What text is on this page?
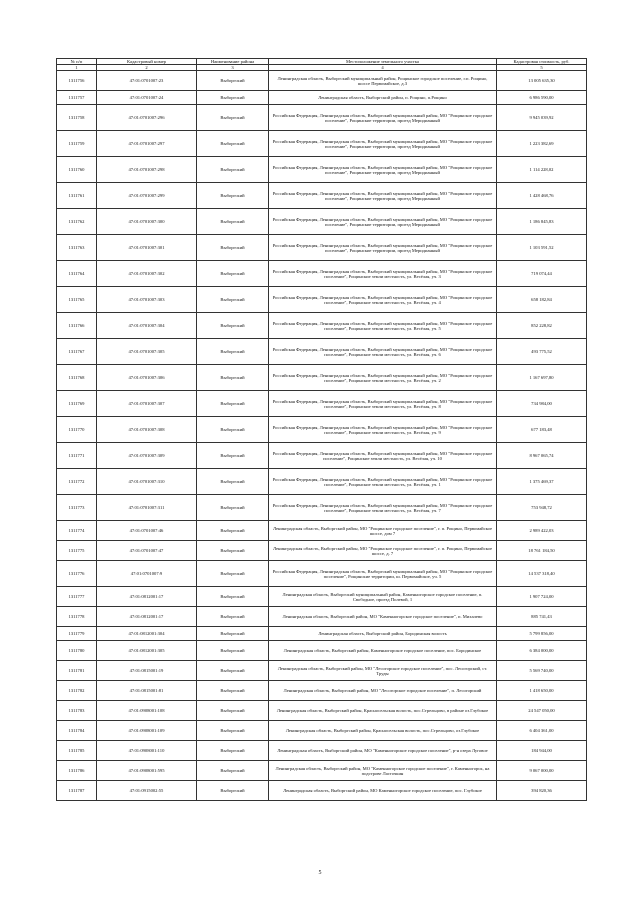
№ п/п	Кадастровый номер	Наименование района	Местоположение земельного участка	Кадастровая стоимость, руб.
1	2	3	4	5
1311756	47:01:0701007:23	Выборгский	Ленинградская область, Выборгский муниципальный район, Рощинское городское поселение, г.п. Рощино, шоссе Первомайское, д.3	13 005 635,30
1311757	47:01:0701007:24	Выборгский	Ленинградская область, Выборгский район, п. Рощино, п.Рощино	6 986 590,00
1311758	47:01:0701007:296	Выборгский	Российская Федерация, Ленинградская область, Выборгский муниципальный район, МО "Рощинское городское поселение", Рощинские территории, проезд Меридианный	9 945 039,92
1311759	47:01:0701007:297	Выборгский	Российская Федерация, Ленинградская область, Выборгский муниципальный район, МО "Рощинское городское поселение", Рощинские территории, проезд Меридианный	1 223 382,69
1311760	47:01:0701007:298	Выборгский	Российская Федерация, Ленинградская область, Выборгский муниципальный район, МО "Рощинское городское поселение", Рощинские территории, проезд Меридианный	1 114 228,02
1311761	47:01:0701007:299	Выборгский	Российская Федерация, Ленинградская область, Выборгский муниципальный район, МО "Рощинское городское поселение", Рощинские территории, проезд Меридианный	1 428 468,76
1311762	47:01:0701007:300	Выборгский	Российская Федерация, Ленинградская область, Выборгский муниципальный район, МО "Рощинское городское поселение", Рощинские территории, проезд Меридианный	1 186 845,83
1311763	47:01:0701007:301	Выборгский	Российская Федерация, Ленинградская область, Выборгский муниципальный район, МО "Рощинское городское поселение", Рощинские территории, проезд Меридианный	1 103 591,52
1311764	47:01:0701007:302	Выборгский	Российская Федерация, Ленинградская область, Выборгский муниципальный район, МО "Рощинское городское поселение", Рощинские земли местность, ул. Весёлая, уч. 3	719 074,44
1311765	47:01:0701007:303	Выборгский	Российская Федерация, Ленинградская область, Выборгский муниципальный район, МО "Рощинское городское поселение", Рощинские земли местность, ул. Весёлая, уч. 4	658 182,84
1311766	47:01:0701007:304	Выборгский	Российская Федерация, Ленинградская область, Выборгский муниципальный район, МО "Рощинское городское поселение", Рощинские земли местность, ул. Весёлая, уч. 5	852 228,82
1311767	47:01:0701007:305	Выборгский	Российская Федерация, Ленинградская область, Выборгский муниципальный район, МО "Рощинское городское поселение", Рощинские земли местность, ул. Весёлая, уч. 6	493 775,52
1311768	47:01:0701007:306	Выборгский	Российская Федерация, Ленинградская область, Выборгский муниципальный район, МО "Рощинское городское поселение", Рощинские земли местность, ул. Весёлая, уч. 2	1 167 697,80
1311769	47:01:0701007:307	Выборгский	Российская Федерация, Ленинградская область, Выборгский муниципальный район, МО "Рощинское городское поселение", Рощинские земли местность, ул. Весёлая, уч. 8	734 984,00
1311770	47:01:0701007:308	Выборгский	Российская Федерация, Ленинградская область, Выборгский муниципальный район, МО "Рощинское городское поселение", Рощинские земли местность, ул. Весёлая, уч. 9	677 183,48
1311771	47:01:0701007:309	Выборгский	Российская Федерация, Ленинградская область, Выборгский муниципальный район, МО "Рощинское городское поселение", Рощинские земли местность, ул. Весёлая, уч. 10	8 967 065,74
1311772	47:01:0701007:310	Выборгский	Российская Федерация, Ленинградская область, Выборгский муниципальный район, МО "Рощинское городское поселение", Рощинские земли местность, ул. Весёлая, уч. 1	1 375 469,37
1311773	47:01:0701007:311	Выборгский	Российская Федерация, Ленинградская область, Выборгский муниципальный район, МО "Рощинское городское поселение", Рощинские земли местность, ул. Весёлая, уч. 7	753 948,72
1311774	47:01:0701007:46	Выборгский	Ленинградская область, Выборгский район, МО "Рощинское городское поселение", г. п. Рощино, Первомайское шоссе, дом 7	2 989 422,03
1311775	47:01:0701007:47	Выборгский	Ленинградская область, Выборгский район, МО "Рощинское городское поселение", г. п. Рощино, Первомайское шоссе, д. 7	18 761 184,50
1311776	47:01:0701007:9	Выборгский	Российская Федерация, Ленинградская область, Выборгский муниципальный район, МО "Рощинское городское поселение", Рощинские территории, ш. Первомайское, уч. 5	14 537 318,40
1311777	47:01:0812001:17	Выборгский	Ленинградская область, Выборгский муниципальный район, Каменногорское городское поселение, п. Свободное, проезд Полевой, 1	1 907 724,00
1311778	47:01:0812001:17	Выборгский	Ленинградская область, Выборгский район, МО "Каменногорское городское поселение", п. Михалево	885 741,43
1311779	47:01:0812001:304	Выборгский	Ленинградская область, Выборгский район, Бородинская волость	5 799 856,00
1311780	47:01:0812001:305	Выборгский	Ленинградская область, Выборгский район, Каменногорское городское поселение, пос. Бородинское	6 384 000,00
1311781	47:01:0815001:19	Выборгский	Ленинградская область, Выборгский район, МО "Лесогорское городское поселение", пос. Лесогорский, ст. Труды	5 569 740,00
1311782	47:01:0815001:81	Выборгский	Ленинградская область, Выборгский район, МО "Лесогорское городское поселение", п. Лесогорский	1 418 650,00
1311783	47:01:0908001:108	Выборгский	Ленинградская область, Выборгский район, Красносельская волость, пос.Стрельцово, в районе оз.Глубокое	24 547 050,00
1311784	47:01:0908001:109	Выборгский	Ленинградская область, Выборгский район, Красносельская волость, пос.Стрельцово, оз.Глубокое	6 404 361,00
1311785	47:01:0908001:110	Выборгский	Ленинградская область, Выборгский район, МО "Каменногорское городское поселение", р-н озера Луговое	184 944,00
1311786	47:01:0908001:595	Выборгский	Ленинградская область, Выборгский район, МО "Каменногорское городское поселение", г. Каменногорск, на подстрове Ласточкин	9 067 000,00
1311787	47:01:0915002:55	Выборгский	Ленинградская область, Выборгский район, МО Каменногорское городское поселение, пос. Глубокое	394 820,36
5
